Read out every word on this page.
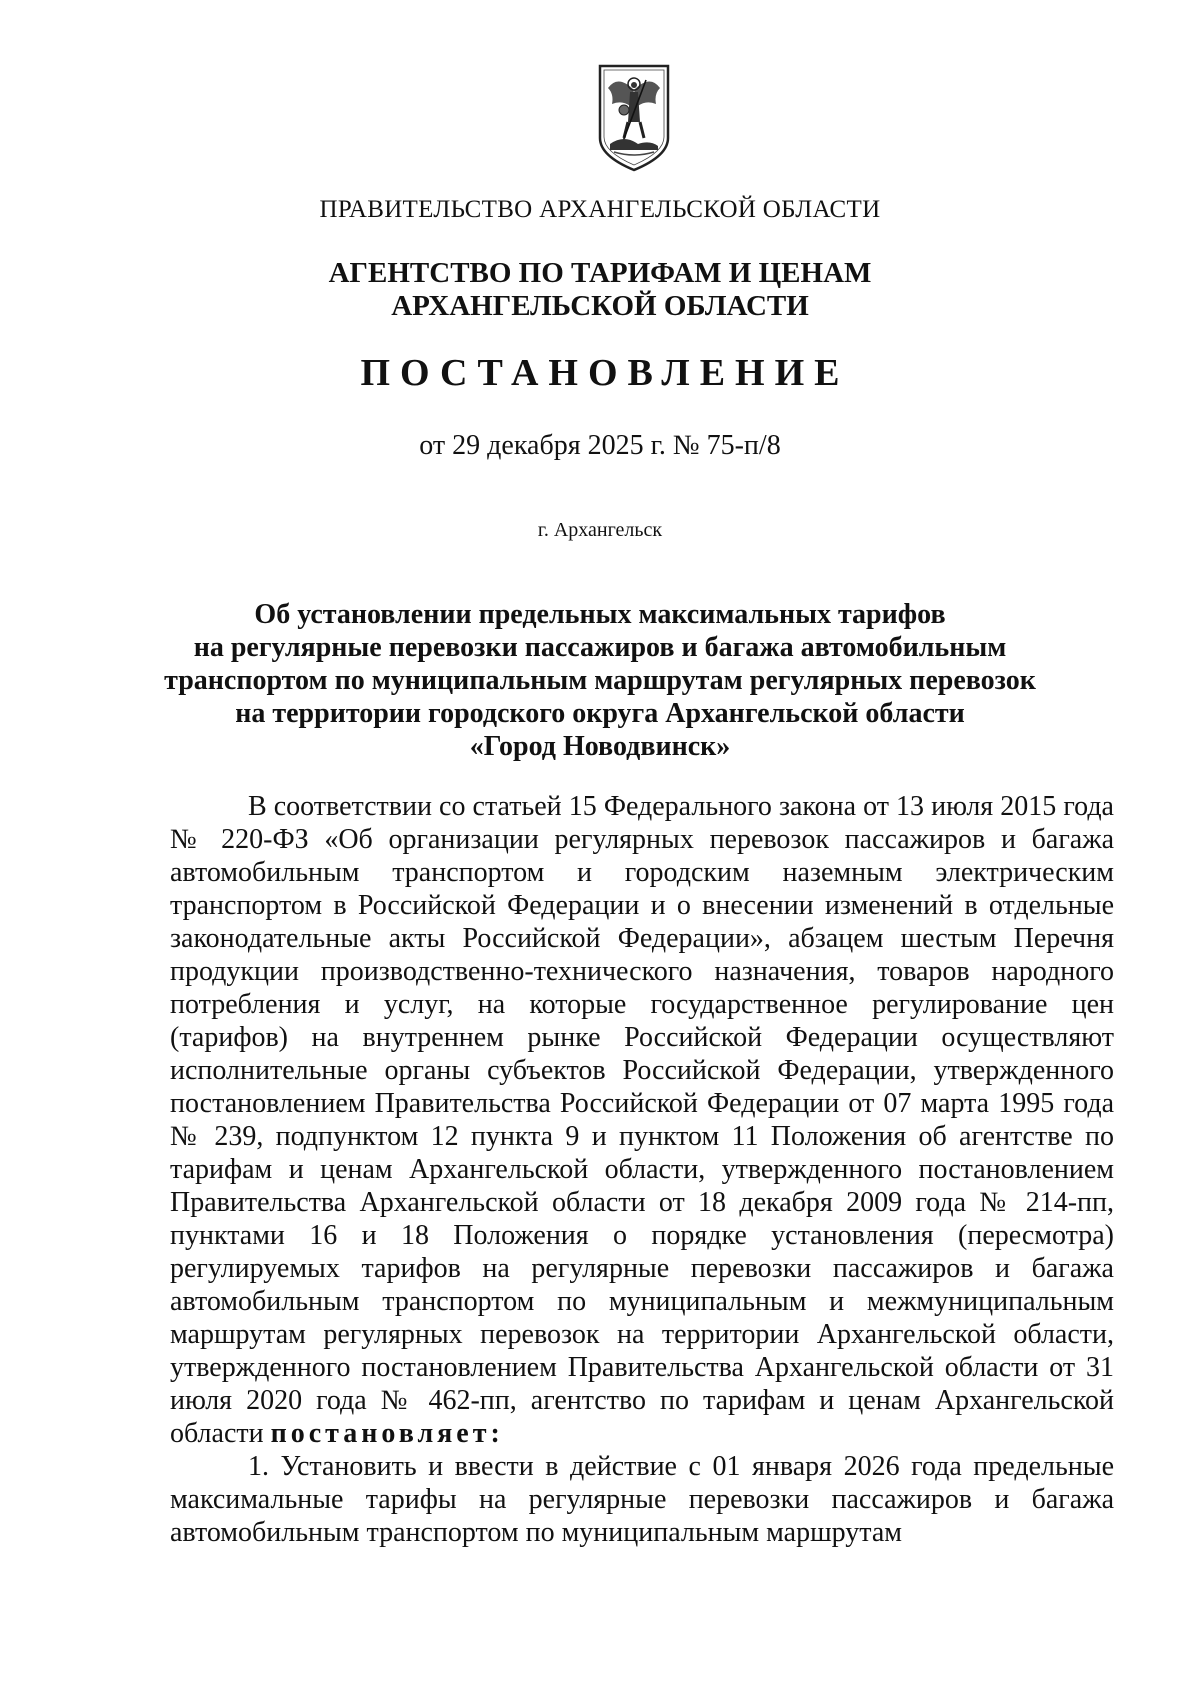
ПРАВИТЕЛЬСТВО АРХАНГЕЛЬСКОЙ ОБЛАСТИ
АГЕНТСТВО ПО ТАРИФАМ И ЦЕНАМ
АРХАНГЕЛЬСКОЙ ОБЛАСТИ
ПОСТАНОВЛЕНИЕ
от 29 декабря 2025 г. № 75-п/8
г. Архангельск
Об установлении предельных максимальных тарифов
на регулярные перевозки пассажиров и багажа автомобильным
транспортом по муниципальным маршрутам регулярных перевозок
на территории городского округа Архангельской области
«Город Новодвинск»

В соответствии со статьей 15 Федерального закона от 13 июля 2015 года № 220-ФЗ «Об организации регулярных перевозок пассажиров и багажа автомобильным транспортом и городским наземным электрическим транспортом в Российской Федерации и о внесении изменений в отдельные законодательные акты Российской Федерации», абзацем шестым Перечня продукции производственно-технического назначения, товаров народного потребления и услуг, на которые государственное регулирование цен (тарифов) на внутреннем рынке Российской Федерации осуществляют исполнительные органы субъектов Российской Федерации, утвержденного постановлением Правительства Российской Федерации от 07 марта 1995 года № 239, подпунктом 12 пункта 9 и пунктом 11 Положения об агентстве по тарифам и ценам Архангельской области, утвержденного постановлением Правительства Архангельской области от 18 декабря 2009 года № 214-пп, пунктами 16 и 18 Положения о порядке установления (пересмотра) регулируемых тарифов на регулярные перевозки пассажиров и багажа автомобильным транспортом по муниципальным и межмуниципальным маршрутам регулярных перевозок на территории Архангельской области, утвержденного постановлением Правительства Архангельской области от 31 июля 2020 года № 462-пп, агентство по тарифам и ценам Архангельской области постановляет:

1. Установить и ввести в действие с 01 января 2026 года предельные максимальные тарифы на регулярные перевозки пассажиров и багажа автомобильным транспортом по муниципальным маршрутам
